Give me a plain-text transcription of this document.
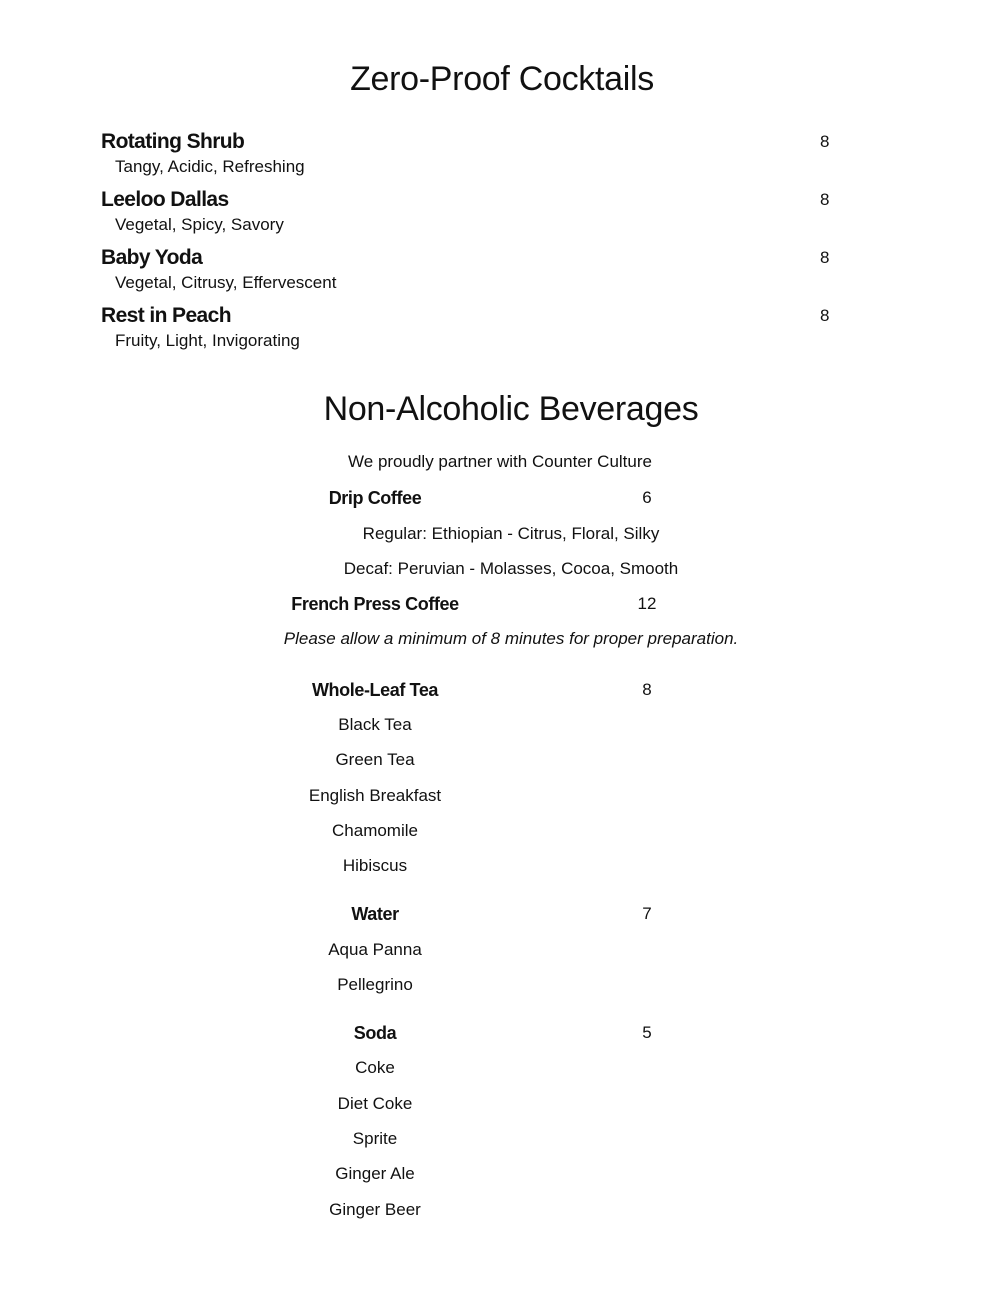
Zero-Proof Cocktails
Rotating Shrub	8
Tangy, Acidic, Refreshing
Leeloo Dallas	8
Vegetal, Spicy, Savory
Baby Yoda	8
Vegetal, Citrusy, Effervescent
Rest in Peach	8
Fruity, Light, Invigorating
Non-Alcoholic Beverages
We proudly partner with Counter Culture
Drip Coffee	6
Regular: Ethiopian - Citrus, Floral, Silky
Decaf: Peruvian - Molasses, Cocoa, Smooth
French Press Coffee	12
Please allow a minimum of 8 minutes for proper preparation.
Whole-Leaf Tea	8
Black Tea
Green Tea
English Breakfast
Chamomile
Hibiscus
Water	7
Aqua Panna
Pellegrino
Soda	5
Coke
Diet Coke
Sprite
Ginger Ale
Ginger Beer
